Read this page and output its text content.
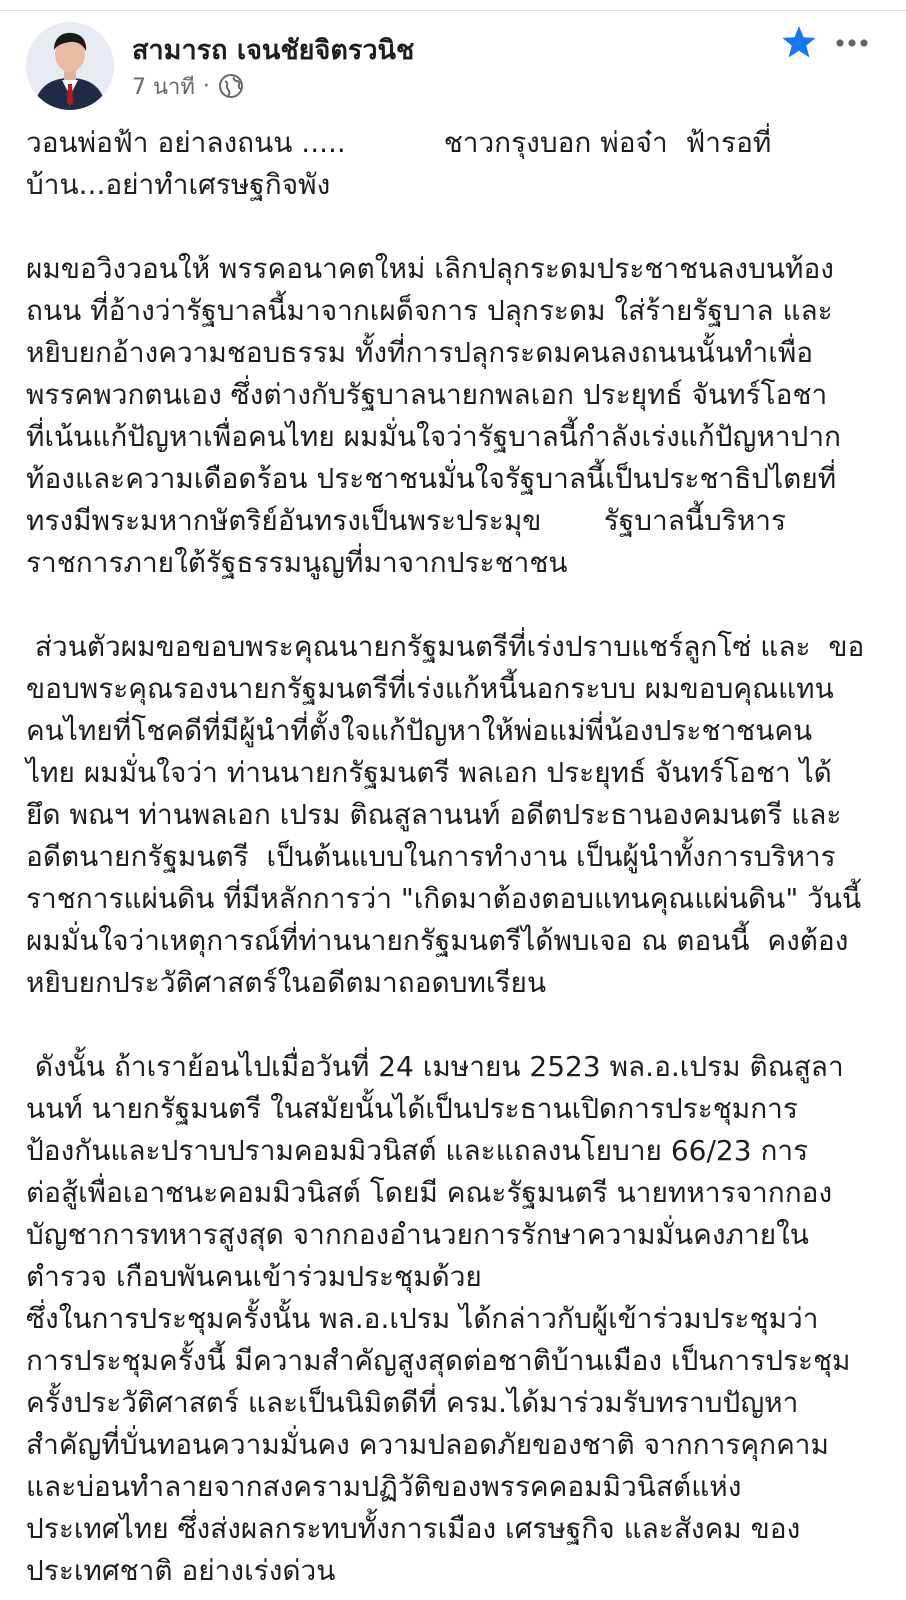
สามารถ เจนชัยจิตรวนิช
7 นาที ·
วอนพ่อฟ้า อย่าลงถนน .....           ชาวกรุงบอก พ่อจ๋า  ฟ้ารอที่
บ้าน...อย่าทำเศรษฐกิจพัง
ผมขอวิงวอนให้ พรรคอนาคตใหม่ เลิกปลุกระดมประชาชนลงบนท้อง
ถนน ที่อ้างว่ารัฐบาลนี้มาจากเผด็จการ ปลุกระดม ใส่ร้ายรัฐบาล และ
หยิบยกอ้างความชอบธรรม ทั้งที่การปลุกระดมคนลงถนนนั้นทำเพื่อ
พรรคพวกตนเอง ซึ่งต่างกับรัฐบาลนายกพลเอก ประยุทธ์ จันทร์โอชา
ที่เน้นแก้ปัญหาเพื่อคนไทย ผมมั่นใจว่ารัฐบาลนี้กำลังเร่งแก้ปัญหาปาก
ท้องและความเดือดร้อน ประชาชนมั่นใจรัฐบาลนี้เป็นประชาธิปไตยที่
ทรงมีพระมหากษัตริย์อันทรงเป็นพระประมุข       รัฐบาลนี้บริหาร
ราชการภายใต้รัฐธรรมนูญที่มาจากประชาชน
ส่วนตัวผมขอขอบพระคุณนายกรัฐมนตรีที่เร่งปราบแชร์ลูกโซ่ และ  ขอ
ขอบพระคุณรองนายกรัฐมนตรีที่เร่งแก้หนี้นอกระบบ ผมขอบคุณแทน
คนไทยที่โชคดีที่มีผู้นำที่ตั้งใจแก้ปัญหาให้พ่อแม่พี่น้องประชาชนคน
ไทย ผมมั่นใจว่า ท่านนายกรัฐมนตรี พลเอก ประยุทธ์ จันทร์โอชา ได้
ยึด พณฯ ท่านพลเอก เปรม ติณสูลานนท์ อดีตประธานองคมนตรี และ
อดีตนายกรัฐมนตรี  เป็นต้นแบบในการทำงาน เป็นผู้นำทั้งการบริหาร
ราชการแผ่นดิน ที่มีหลักการว่า "เกิดมาต้องตอบแทนคุณแผ่นดิน" วันนี้
ผมมั่นใจว่าเหตุการณ์ที่ท่านนายกรัฐมนตรีได้พบเจอ ณ ตอนนี้  คงต้อง
หยิบยกประวัติศาสตร์ในอดีตมาถอดบทเรียน
ดังนั้น ถ้าเราย้อนไปเมื่อวันที่ 24 เมษายน 2523 พล.อ.เปรม ติณสูลา
นนท์ นายกรัฐมนตรี ในสมัยนั้นได้เป็นประธานเปิดการประชุมการ
ป้องกันและปราบปรามคอมมิวนิสต์ และแถลงนโยบาย 66/23 การ
ต่อสู้เพื่อเอาชนะคอมมิวนิสต์ โดยมี คณะรัฐมนตรี นายทหารจากกอง
บัญชาการทหารสูงสุด จากกองอำนวยการรักษาความมั่นคงภายใน
ตำรวจ เกือบพันคนเข้าร่วมประชุมด้วย
ซึ่งในการประชุมครั้งนั้น พล.อ.เปรม ได้กล่าวกับผู้เข้าร่วมประชุมว่า
การประชุมครั้งนี้ มีความสำคัญสูงสุดต่อชาติบ้านเมือง เป็นการประชุม
ครั้งประวัติศาสตร์ และเป็นนิมิตดีที่ ครม.ได้มาร่วมรับทราบปัญหา
สำคัญที่บั่นทอนความมั่นคง ความปลอดภัยของชาติ จากการคุกคาม
และบ่อนทำลายจากสงครามปฏิวัติของพรรคคอมมิวนิสต์แห่ง
ประเทศไทย ซึ่งส่งผลกระทบทั้งการเมือง เศรษฐกิจ และสังคม ของ
ประเทศชาติ อย่างเร่งด่วน
